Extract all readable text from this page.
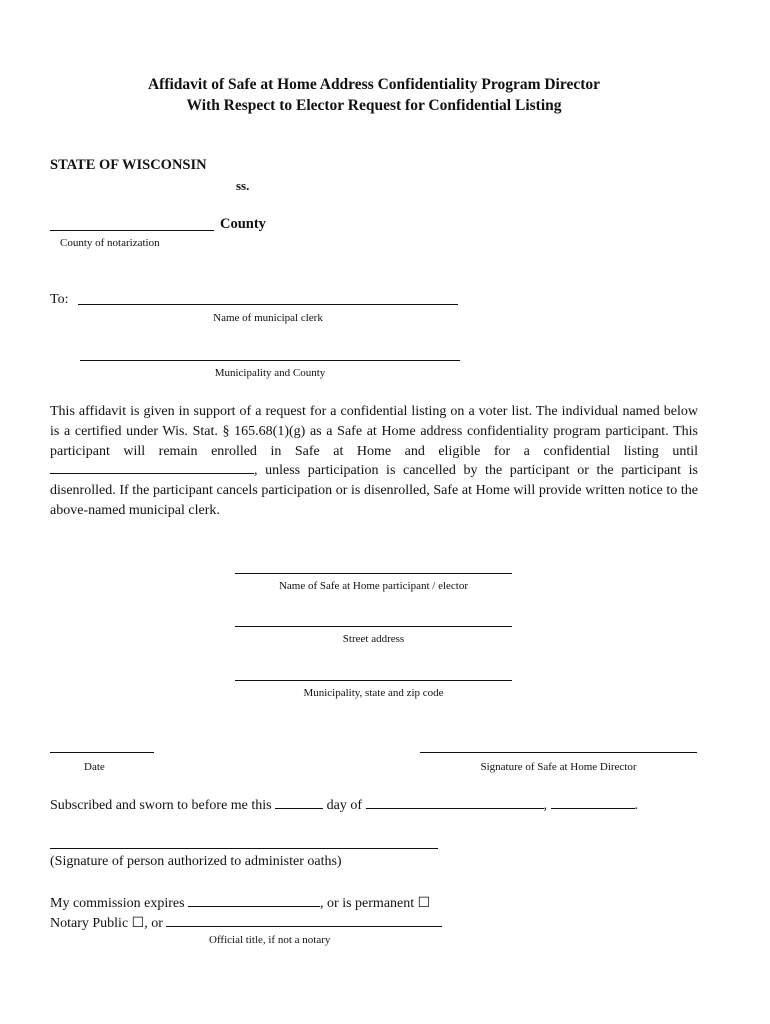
Affidavit of Safe at Home Address Confidentiality Program Director
With Respect to Elector Request for Confidential Listing
STATE OF WISCONSIN
ss.
County
County of notarization
To:
Name of municipal clerk
Municipality and County
This affidavit is given in support of a request for a confidential listing on a voter list. The individual named below is a certified under Wis. Stat. § 165.68(1)(g) as a Safe at Home address confidentiality program participant. This participant will remain enrolled in Safe at Home and eligible for a confidential listing until , unless participation is cancelled by the participant or the participant is disenrolled. If the participant cancels participation or is disenrolled, Safe at Home will provide written notice to the above-named municipal clerk.
Name of Safe at Home participant / elector
Street address
Municipality, state and zip code
Date	Signature of Safe at Home Director
Subscribed and sworn to before me this	day of	,	.
(Signature of person authorized to administer oaths)
My commission expires	, or is permanent ☐
Notary Public ☐, or
Official title, if not a notary
